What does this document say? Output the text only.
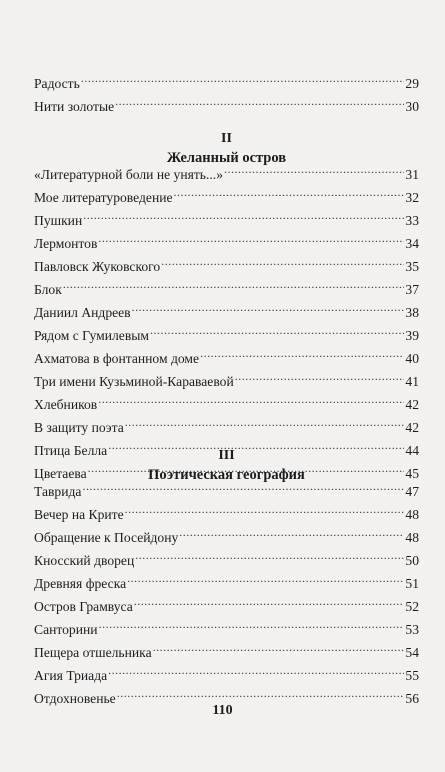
Радость .....	29
Нити золотые .....	30
II
Желанный остров
«Литературной боли не унять...» .....	31
Мое литературоведение .....	32
Пушкин .....	33
Лермонтов .....	34
Павловск Жуковского .....	35
Блок .....	37
Даниил Андреев .....	38
Рядом с Гумилевым .....	39
Ахматова в фонтанном доме .....	40
Три имени Кузьминой-Караваевой .....	41
Хлебников .....	42
В защиту поэта .....	42
Птица Белла .....	44
Цветаева .....	45
III
Поэтическая география
Таврида .....	47
Вечер на Крите .....	48
Обращение к Посейдону .....	48
Кносский дворец .....	50
Древняя фреска .....	51
Остров Грамвуса .....	52
Санторини .....	53
Пещера отшельника .....	54
Агия Триада .....	55
Отдохновенье .....	56
110
